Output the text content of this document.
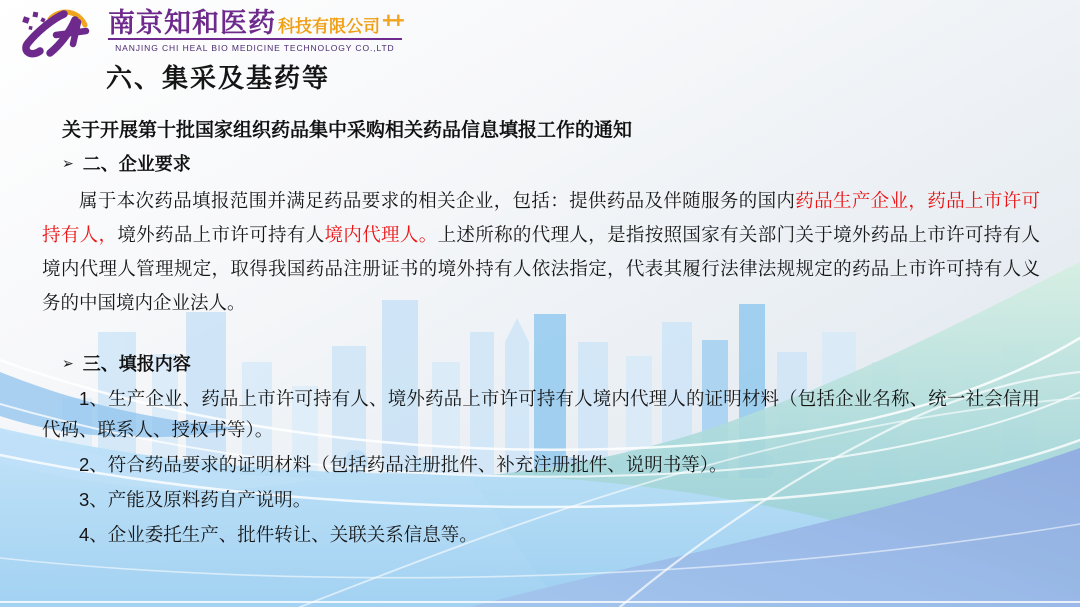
南京知和医药 科技有限公司 ++
NANJING CHI HEAL BIO MEDICINE TECHNOLOGY CO.,LTD
六、集采及基药等
关于开展第十批国家组织药品集中采购相关药品信息填报工作的通知
➢ 二、企业要求
属于本次药品填报范围并满足药品要求的相关企业，包括：提供药品及伴随服务的国内药品生产企业，药品上市许可持有人，境外药品上市许可持有人境内代理人。上述所称的代理人，是指按照国家有关部门关于境外药品上市许可持有人境内代理人管理规定，取得我国药品注册证书的境外持有人依法指定，代表其履行法律法规规定的药品上市许可持有人义务的中国境内企业法人。
➢ 三、填报内容
1、生产企业、药品上市许可持有人、境外药品上市许可持有人境内代理人的证明材料（包括企业名称、统一社会信用代码、联系人、授权书等）。
2、符合药品要求的证明材料（包括药品注册批件、补充注册批件、说明书等）。
3、产能及原料药自产说明。
4、企业委托生产、批件转让、关联关系信息等。
